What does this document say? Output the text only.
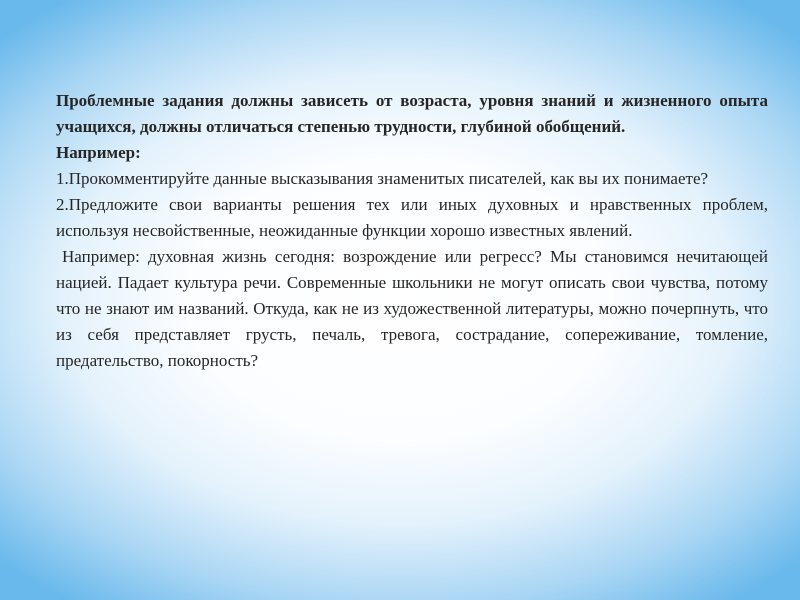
Проблемные задания должны зависеть от возраста, уровня знаний и жизненного опыта учащихся, должны отличаться степенью трудности, глубиной обобщений.

Например:

1.Прокомментируйте данные высказывания знаменитых писателей, как вы их понимаете?

2.Предложите свои варианты решения тех или иных духовных и нравственных проблем, используя несвойственные, неожиданные функции хорошо известных явлений.

Например: духовная жизнь сегодня: возрождение или регресс? Мы становимся нечитающей нацией. Падает культура речи. Современные школьники не могут описать свои чувства, потому что не знают им названий. Откуда, как не из художественной литературы, можно почерпнуть, что из себя представляет грусть, печаль, тревога, сострадание, сопереживание, томление, предательство, покорность?
